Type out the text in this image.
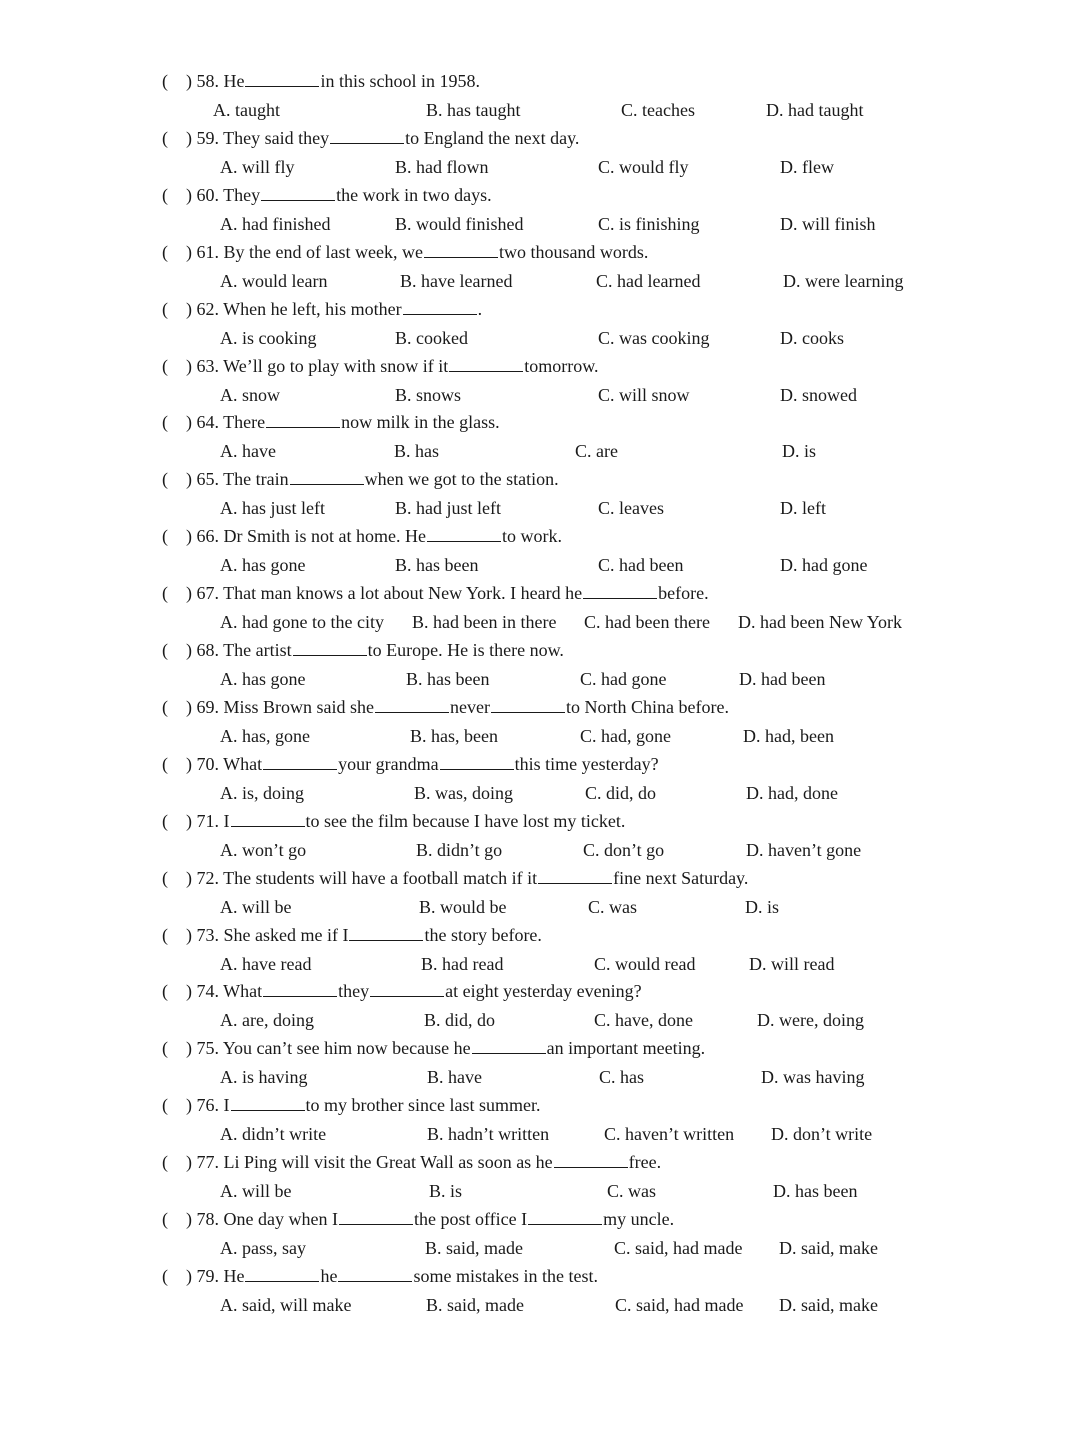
( ) 58. He	in this school in 1958.
A. taught	B. has taught	C. teaches	D. had taught
( ) 59. They said they	to England the next day.
A. will fly	B. had flown	C. would fly	D. flew
( ) 60. They	the work in two days.
A. had finished	B. would finished	C. is finishing	D. will finish
( ) 61. By the end of last week, we	two thousand words.
A. would learn	B. have learned	C. had learned	D. were learning
( ) 62. When he left, his mother	.
A. is cooking	B. cooked	C. was cooking	D. cooks
( ) 63. We’ll go to play with snow if it	tomorrow.
A. snow	B. snows	C. will snow	D. snowed
( ) 64. There	now milk in the glass.
A. have	B. has	C. are	D. is
( ) 65. The train	when we got to the station.
A. has just left	B. had just left	C. leaves	D. left
( ) 66. Dr Smith is not at home. He	to work.
A. has gone	B. has been	C. had been	D. had gone
( ) 67. That man knows a lot about New York. I heard he	before.
A. had gone to the city B. had been in there C. had been there D. had been New York
( ) 68. The artist	to Europe. He is there now.
A. has gone	B. has been	C. had gone	D. had been
( ) 69. Miss Brown said she	never	to North China before.
A. has, gone	B. has, been	C. had, gone	D. had, been
( ) 70. What	your grandma	this time yesterday?
A. is, doing	B. was, doing	C. did, do	D. had, done
( ) 71. I	to see the film because I have lost my ticket.
A. won’t go	B. didn’t go	C. don’t go	D. haven’t gone
( ) 72. The students will have a football match if it	fine next Saturday.
A. will be	B. would be	C. was	D. is
( ) 73. She asked me if I	the story before.
A. have read	B. had read	C. would read	D. will read
( ) 74. What	they	at eight yesterday evening?
A. are, doing	B. did, do	C. have, done	D. were, doing
( ) 75. You can’t see him now because he	an important meeting.
A. is having	B. have	C. has	D. was having
( ) 76. I	to my brother since last summer.
A. didn’t write	B. hadn’t written	C. haven’t written D. don’t write
( ) 77. Li Ping will visit the Great Wall as soon as he	free.
A. will be	B. is	C. was	D. has been
( ) 78. One day when I	the post office I	my uncle.
A. pass, say	B. said, made	C. said, had made D. said, make
( ) 79. He	he	some mistakes in the test.
A. said, will make	B. said, made	C. said, had made D. said, make
